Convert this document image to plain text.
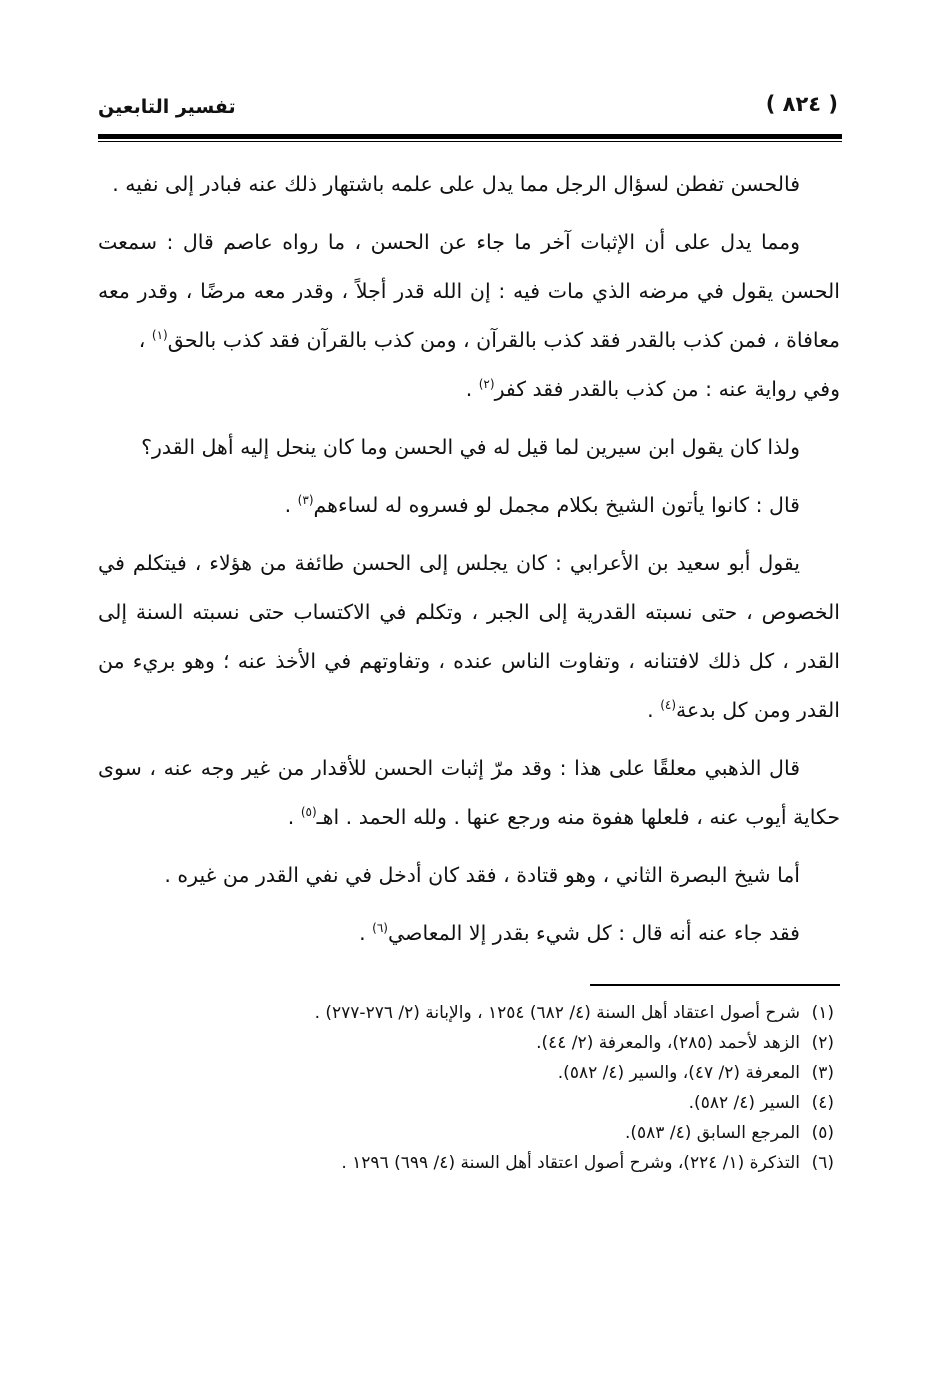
( ٨٢٤ )
تفسير التابعين

فالحسن تفطن لسؤال الرجل مما يدل على علمه باشتهار ذلك عنه فبادر إلى نفيه .

ومما يدل على أن الإثبات آخر ما جاء عن الحسن ، ما رواه عاصم قال : سمعت الحسن يقول في مرضه الذي مات فيه : إن الله قدر أجلاً ، وقدر معه مرضًا ، وقدر معه معافاة ، فمن كذب بالقدر فقد كذب بالقرآن ، ومن كذب بالقرآن فقد كذب بالحق$^{(١)}$ ،
وفي رواية عنه : من كذب بالقدر فقد كفر$^{(٢)}$ .

ولذا كان يقول ابن سيرين لما قيل له في الحسن وما كان ينحل إليه أهل القدر؟

قال : كانوا يأتون الشيخ بكلام مجمل لو فسروه له لساءهم$^{(٣)}$ .

يقول أبو سعيد بن الأعرابي : كان يجلس إلى الحسن طائفة من هؤلاء ، فيتكلم في الخصوص ، حتى نسبته القدرية إلى الجبر ، وتكلم في الاكتساب حتى نسبته السنة إلى القدر ، كل ذلك لافتنانه ، وتفاوت الناس عنده ، وتفاوتهم في الأخذ عنه ؛ وهو بريء من القدر ومن كل بدعة$^{(٤)}$ .

قال الذهبي معلقًا على هذا : وقد مرّ إثبات الحسن للأقدار من غير وجه عنه ، سوى حكاية أيوب عنه ، فلعلها هفوة منه ورجع عنها . ولله الحمد . اهـ$^{(٥)}$ .

أما شيخ البصرة الثاني ، وهو قتادة ، فقد كان أدخل في نفي القدر من غيره .

فقد جاء عنه أنه قال : كل شيء بقدر إلا المعاصي$^{(٦)}$ .

(١)شرح أصول اعتقاد أهل السنة (٤/ ٦٨٢) ١٢٥٤ ، والإبانة (٢/ ٢٧٦-٢٧٧) .

(٢)الزهد لأحمد (٢٨٥)، والمعرفة (٢/ ٤٤).

(٣)المعرفة (٢/ ٤٧)، والسير (٤/ ٥٨٢).

(٤)السير (٤/ ٥٨٢).

(٥)المرجع السابق (٤/ ٥٨٣).

(٦)التذكرة (١/ ٢٢٤)، وشرح أصول اعتقاد أهل السنة (٤/ ٦٩٩) ١٢٩٦ .
